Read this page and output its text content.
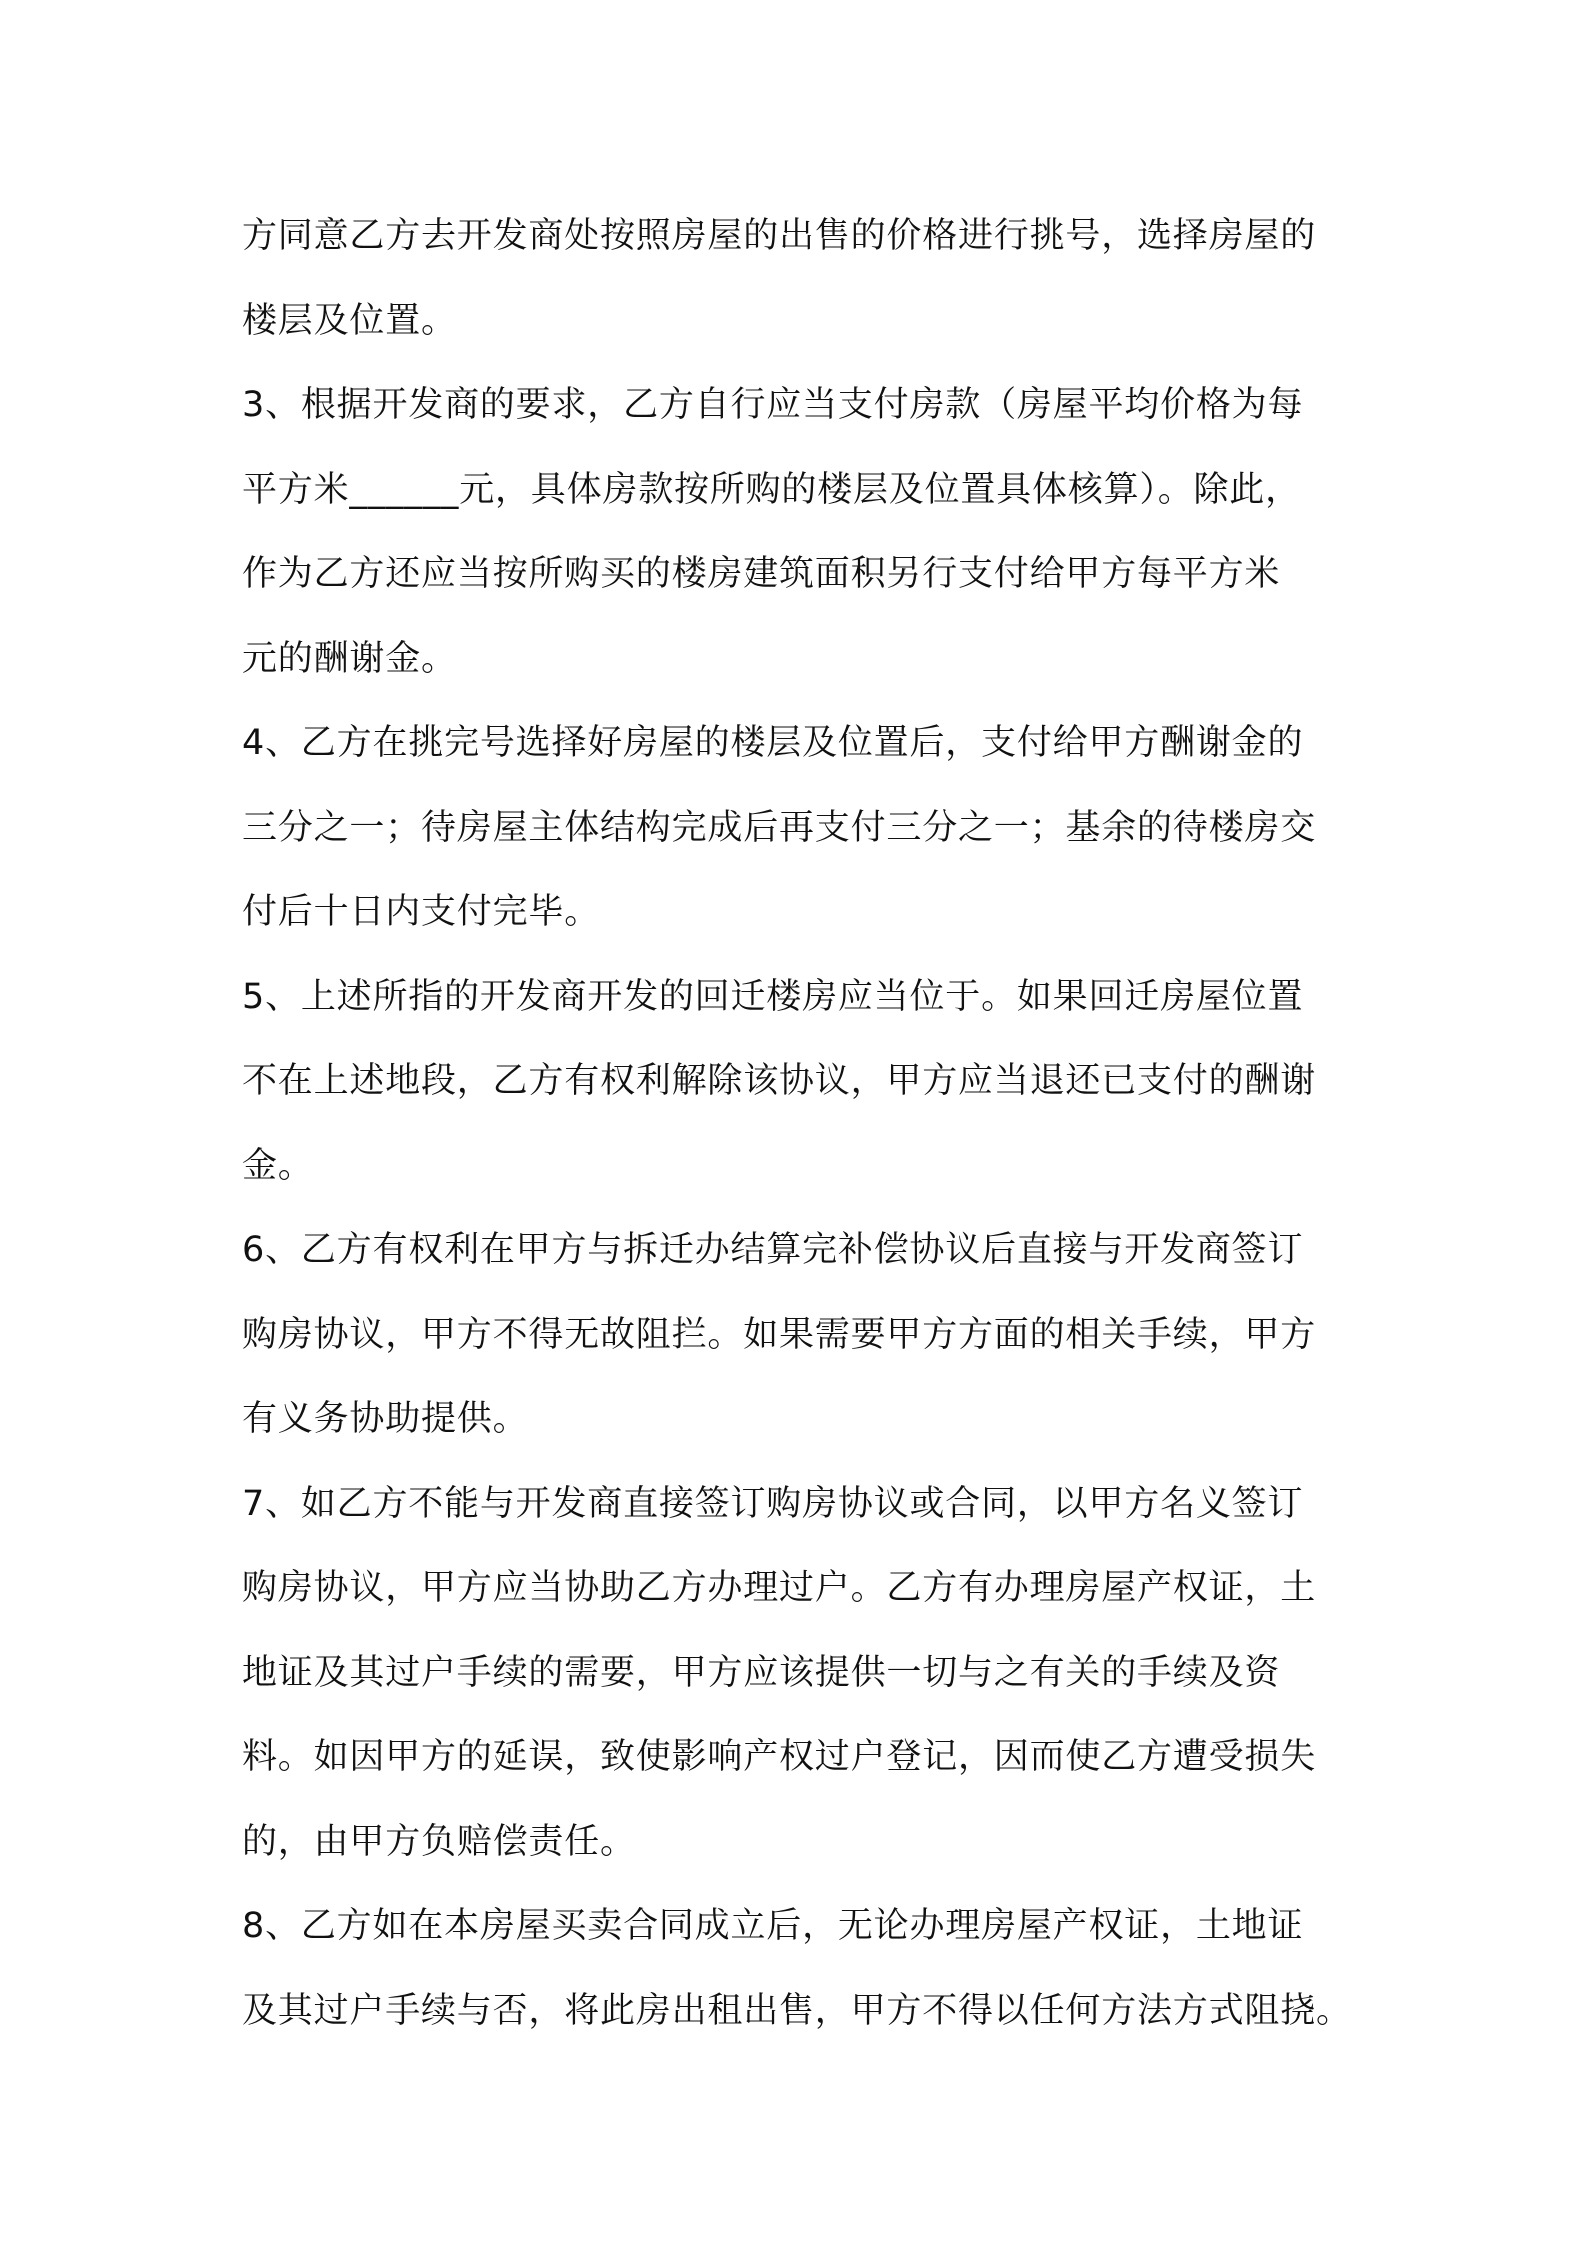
方同意乙方去开发商处按照房屋的出售的价格进行挑号，选择房屋的
楼层及位置。
3、根据开发商的要求，乙方自行应当支付房款（房屋平均价格为每
平方米______元，具体房款按所购的楼层及位置具体核算）。除此，
作为乙方还应当按所购买的楼房建筑面积另行支付给甲方每平方米
元的酬谢金。
4、乙方在挑完号选择好房屋的楼层及位置后，支付给甲方酬谢金的
三分之一；待房屋主体结构完成后再支付三分之一；基余的待楼房交
付后十日内支付完毕。
5、上述所指的开发商开发的回迁楼房应当位于。如果回迁房屋位置
不在上述地段，乙方有权利解除该协议，甲方应当退还已支付的酬谢
金。
6、乙方有权利在甲方与拆迁办结算完补偿协议后直接与开发商签订
购房协议，甲方不得无故阻拦。如果需要甲方方面的相关手续，甲方
有义务协助提供。
7、如乙方不能与开发商直接签订购房协议或合同，以甲方名义签订
购房协议，甲方应当协助乙方办理过户。乙方有办理房屋产权证，土
地证及其过户手续的需要，甲方应该提供一切与之有关的手续及资
料。如因甲方的延误，致使影响产权过户登记，因而使乙方遭受损失
的，由甲方负赔偿责任。
8、乙方如在本房屋买卖合同成立后，无论办理房屋产权证，土地证
及其过户手续与否，将此房出租出售，甲方不得以任何方法方式阻挠。
